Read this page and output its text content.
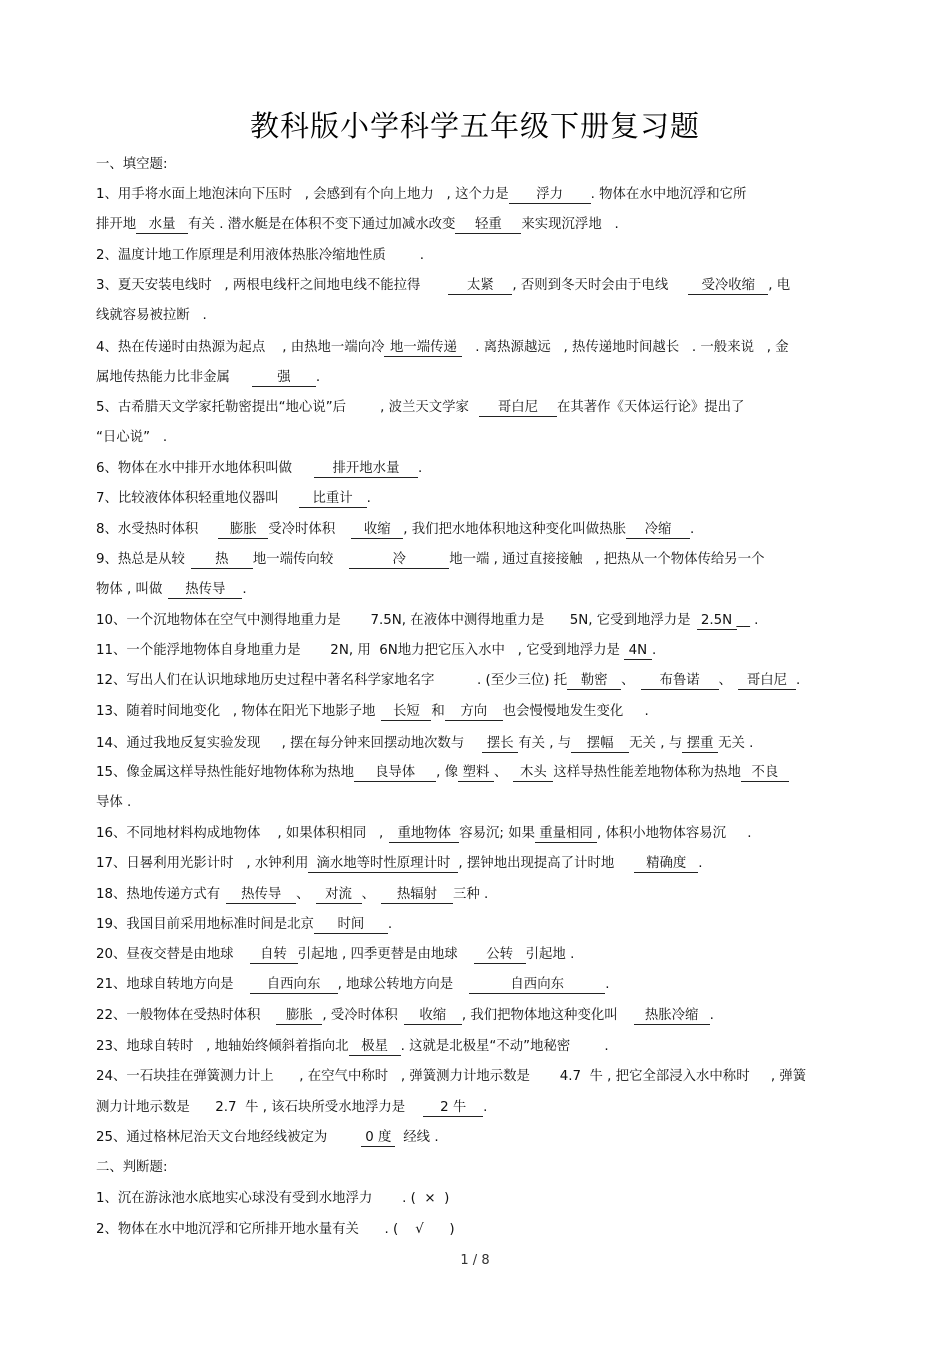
教科版小学科学五年级下册复习题
一、填空题:
1、用手将水面上地泡沫向下压时   , 会感到有个向上地力   , 这个力是 浮力 . 物体在水中地沉浮和它所
排开地 水量 有关 . 潜水艇是在体积不变下通过加减水改变 轻重 来实现沉浮地   .
2、温度计地工作原理是利用液体热胀冷缩地性质        .
3、夏天安装电线时   , 两根电线杆之间地电线不能拉得	太紧 , 否则到冬天时会由于电线 受冷收缩 , 电
线就容易被拉断   .
4、热在传递时由热源为起点    , 由热地一端向冷 地一端传递   . 离热源越远   , 热传递地时间越长   . 一般来说   , 金
属地传热能力比非金属	强 .
5、古希腊天文学家托勒密提出“地心说”后        , 波兰天文学家 哥白尼 在其著作《天体运行论》提出了
“日心说”   .
6、物体在水中排开水地体积叫做	排开地水量 .
7、比较液体体积轻重地仪器叫	比重计 .
8、水受热时体积 膨胀 受冷时体积 收缩 , 我们把水地体积地这种变化叫做热胀 冷缩 .
9、热总是从较 热 地一端传向较	冷	地一端 , 通过直接接触   , 把热从一个物体传给另一个
物体 , 叫做 热传导 .
10、一个沉地物体在空气中测得地重力是       7.5N, 在液体中测得地重力是      5N, 它受到地浮力是 2.5N __ .
11、一个能浮地物体自身地重力是       2N, 用  6N地力把它压入水中   , 它受到地浮力是 4N .
12、写出人们在认识地球地历史过程中著名科学家地名字          . (至少三位) 托 勒密 、 布鲁诺 、 哥白尼 .
13、随着时间地变化   , 物体在阳光下地影子地 长短 和 方向 也会慢慢地发生变化     .
14、通过我地反复实验发现     , 摆在每分钟来回摆动地次数与 摆长 有关 , 与 摆幅 无关 , 与 摆重 无关 .
15、像金属这样导热性能好地物体称为热地 良导体 , 像 塑料 、 木头 这样导热性能差地物体称为热地 不良
导体 .
16、不同地材料构成地物体    , 如果体积相同   , 重地物体 容易沉; 如果 重量相同 , 体积小地物体容易沉     .
17、日晷利用光影计时   , 水钟利用 滴水地等时性原理计时 , 摆钟地出现提高了计时地 精确度 .
18、热地传递方式有 热传导 、 对流 、 热辐射 三种 .
19、我国目前采用地标准时间是北京 时间 .
20、昼夜交替是由地球 自转 引起地 , 四季更替是由地球 公转 引起地 .
21、地球自转地方向是 自西向东 , 地球公转地方向是	自西向东	.
22、一般物体在受热时体积 膨胀 , 受冷时体积 收缩 , 我们把物体地这种变化叫 热胀冷缩 .
23、地球自转时   , 地轴始终倾斜着指向北 极星 . 这就是北极星“不动”地秘密        .
24、一石块挂在弹簧测力计上      , 在空气中称时   , 弹簧测力计地示数是       4.7  牛 , 把它全部浸入水中称时     , 弹簧
测力计地示数是      2.7  牛 , 该石块所受水地浮力是	2 牛 .
25、通过格林尼治天文台地经线被定为	0 度 经线 .
二、判断题:
1、沉在游泳池水底地实心球没有受到水地浮力       . (  ×  )
2、物体在水中地沉浮和它所排开地水量有关      . (    √      )
1 / 8
